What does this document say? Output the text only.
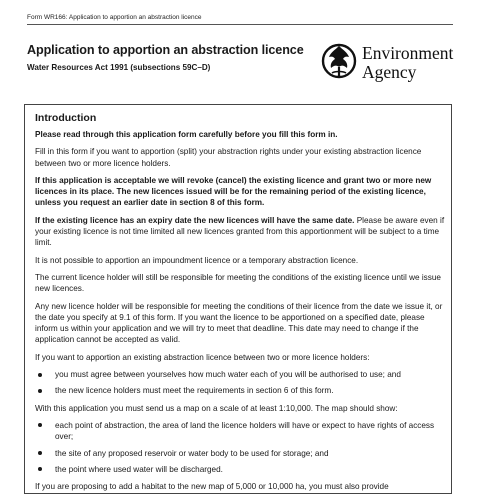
Form WR166: Application to apportion an abstraction licence
Application to apportion an abstraction licence
Water Resources Act 1991 (subsections 59C–D)
Environment
Agency
Introduction

Please read through this application form carefully before you fill this form in.

Fill in this form if you want to apportion (split) your abstraction rights under your existing abstraction licence between two or more licence holders.

If this application is acceptable we will revoke (cancel) the existing licence and grant two or more new licences in its place. The new licences issued will be for the remaining period of the existing licence, unless you request an earlier date in section 8 of this form.

If the existing licence has an expiry date the new licences will have the same date. Please be aware even if your existing licence is not time limited all new licences granted from this apportionment will be subject to a time limit.

It is not possible to apportion an impoundment licence or a temporary abstraction licence.

The current licence holder will still be responsible for meeting the conditions of the existing licence until we issue new licences.

Any new licence holder will be responsible for meeting the conditions of their licence from the date we issue it, or the date you specify at 9.1 of this form. If you want the licence to be apportioned on a specified date, please inform us within your application and we will try to meet that deadline. This date may need to change if the application cannot be accepted as valid.

If you want to apportion an existing abstraction licence between two or more licence holders:

you must agree between yourselves how much water each of you will be authorised to use; and
the new licence holders must meet the requirements in section 6 of this form.

With this application you must send us a map on a scale of at least 1:10,000. The map should show:

each point of abstraction, the area of land the licence holders will have or expect to have rights of access over;
the site of any proposed reservoir or water body to be used for storage; and
the point where used water will be discharged.

If you are proposing to add a habitat to the new map of 5,000 or 10,000 ha, you must also provide
